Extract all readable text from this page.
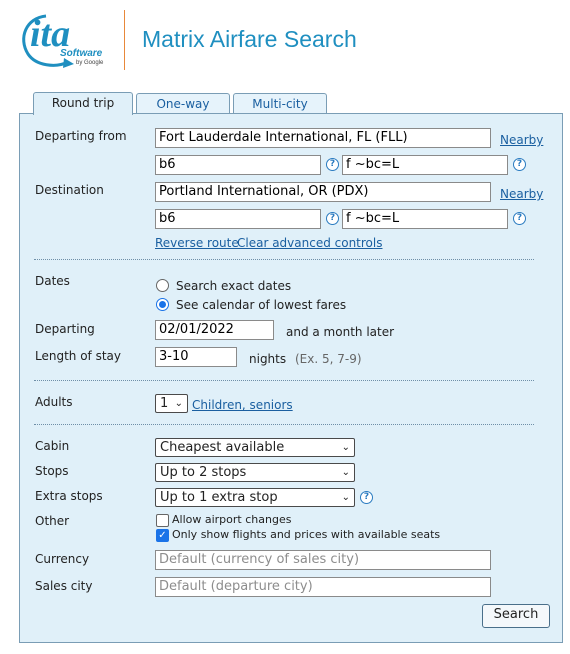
ita
Software
by Google
Matrix Airfare Search
Round trip	One-way	Multi-city
Departing from	Fort Lauderdale International, FL (FLL)	Nearby
b6	? f ~bc=L	?
Destination	Portland International, OR (PDX)	Nearby
b6	? f ~bc=L	?
Reverse route
Clear advanced controls
Dates	Search exact dates
See calendar of lowest fares
Departing	02/01/2022	and a month later
Length of stay	3-10	nights (Ex. 5, 7-9)
Adults	1 ⌄ Children, seniors
Cabin	Cheapest available	⌄
Stops	Up to 2 stops	⌄
Extra stops	Up to 1 extra stop	⌄	?
Other	Allow airport changes
✓ Only show flights and prices with available seats
Currency	Default (currency of sales city)
Sales city	Default (departure city)
Search
